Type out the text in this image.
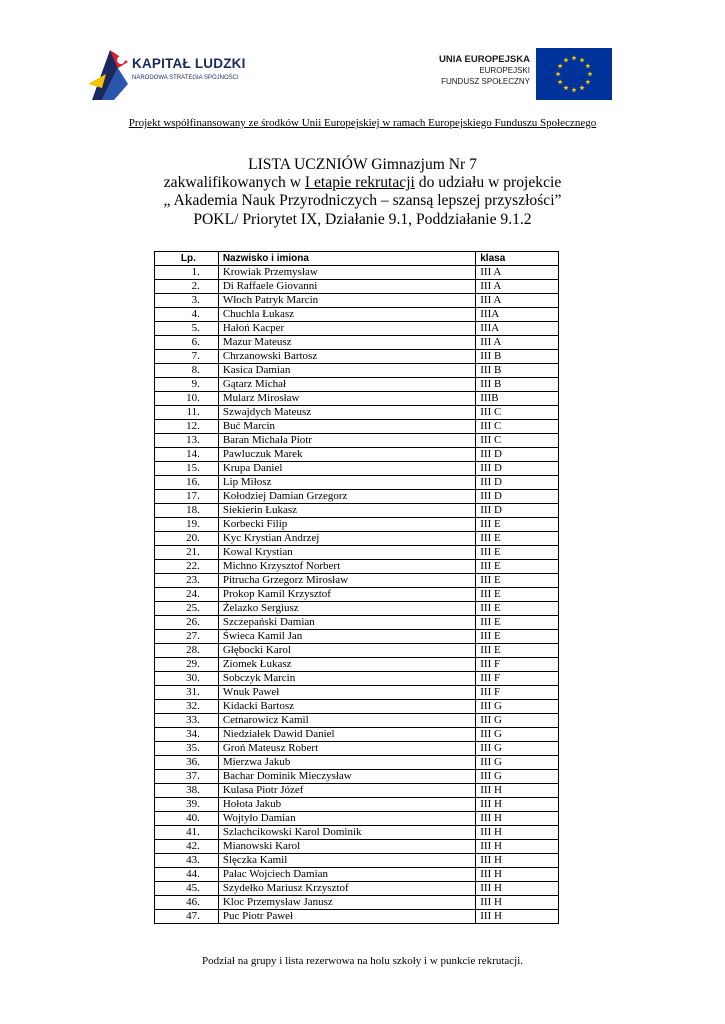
KAPITAŁ LUDZKI
NARODOWA STRATEGIA SPÓJNOŚCI
UNIA EUROPEJSKA
EUROPEJSKI
FUNDUSZ SPOŁECZNY
Projekt współfinansowany ze środków Unii Europejskiej w ramach Europejskiego Funduszu Społecznego
LISTA UCZNIÓW Gimnazjum Nr 7
zakwalifikowanych w I etapie rekrutacji do udziału w projekcie
„ Akademia Nauk Przyrodniczych – szansą lepszej przyszłości”
POKL/ Priorytet IX, Działanie 9.1, Poddziałanie 9.1.2
Lp.	Nazwisko i imiona	klasa
1.	Krowiak Przemysław	III A
2.	Di Raffaele Giovanni	III A
3.	Włoch Patryk Marcin	III A
4.	Chuchla Łukasz	IIIA
5.	Hałoń Kacper	IIIA
6.	Mazur Mateusz	III A
7.	Chrzanowski Bartosz	III B
8.	Kasica Damian	III B
9.	Gątarz Michał	III B
10.	Mularz Mirosław	IIIB
11.	Szwajdych Mateusz	III C
12.	Buć Marcin	III C
13.	Baran Michała Piotr	III C
14.	Pawluczuk Marek	III D
15.	Krupa Daniel	III D
16.	Lip Miłosz	III D
17.	Kołodziej Damian Grzegorz	III D
18.	Siekierin Łukasz	III D
19.	Korbecki Filip	III E
20.	Kyc Krystian Andrzej	III E
21.	Kowal Krystian	III E
22.	Michno Krzysztof Norbert	III E
23.	Pitrucha Grzegorz Mirosław	III E
24.	Prokop Kamil Krzysztof	III E
25.	Żelazko Sergiusz	III E
26.	Szczepański Damian	III E
27.	Świeca Kamil Jan	III E
28.	Głębocki Karol	III E
29.	Ziomek Łukasz	III F
30.	Sobczyk Marcin	III F
31.	Wnuk Paweł	III F
32.	Kidacki Bartosz	III G
33.	Cetnarowicz Kamil	III G
34.	Niedziałek Dawid Daniel	III G
35.	Groń Mateusz Robert	III G
36.	Mierzwa Jakub	III G
37.	Bachar Dominik Mieczysław	III G
38.	Kulasa Piotr Józef	III H
39.	Hołota Jakub	III H
40.	Wojtyło Damian	III H
41.	Szlachcikowski Karol Dominik	III H
42.	Mianowski Karol	III H
43.	Ślęczka Kamil	III H
44.	Pałac Wojciech Damian	III H
45.	Szydełko Mariusz Krzysztof	III H
46.	Kloc Przemysław Janusz	III H
47.	Puc Piotr Paweł	III H
Podział na grupy i lista rezerwowa na holu szkoły i w punkcie rekrutacji.
